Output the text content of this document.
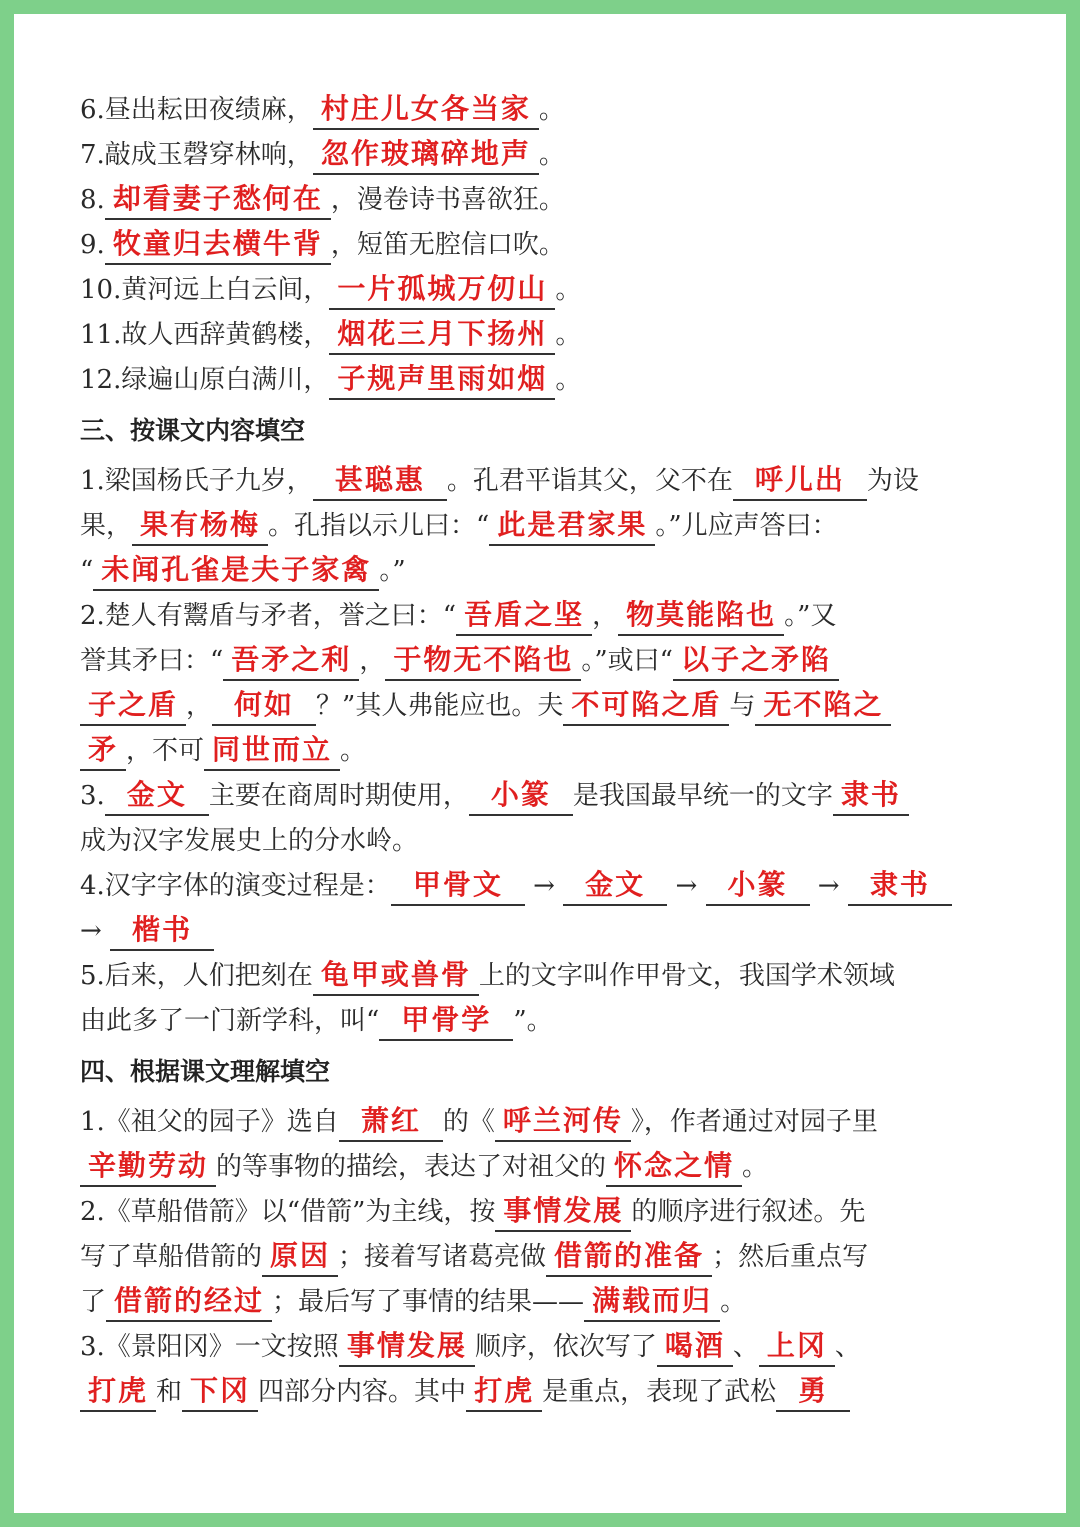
6.昼出耘田夜绩麻， 村庄儿女各当家 。
7.敲成玉磬穿林响， 忽作玻璃碎地声 。
8. 却看妻子愁何在 ，漫卷诗书喜欲狂。
9. 牧童归去横牛背 ，短笛无腔信口吹。
10.黄河远上白云间， 一片孤城万仞山 。
11.故人西辞黄鹤楼， 烟花三月下扬州 。
12.绿遍山原白满川， 子规声里雨如烟 。
三、按课文内容填空
1.梁国杨氏子九岁， 甚聪惠 。孔君平诣其父，父不在 呼儿出 为设
果， 果有杨梅 。孔指以示儿曰：“ 此是君家果 。”儿应声答曰：
“ 未闻孔雀是夫子家禽 。”
2.楚人有鬻盾与矛者，誉之曰：“ 吾盾之坚 ， 物莫能陷也 。”又
誉其矛曰：“ 吾矛之利 ， 于物无不陷也 。”或曰“ 以子之矛陷
子之盾 ， 何如 ？”其人弗能应也。夫 不可陷之盾 与 无不陷之
矛 ，不可 同世而立 。
3. 金文 主要在商周时期使用， 小篆 是我国最早统一的文字 隶书
成为汉字发展史上的分水岭。
4.汉字字体的演变过程是： 甲骨文 → 金文 → 小篆 → 隶书
→ 楷书
5.后来，人们把刻在 龟甲或兽骨 上的文字叫作甲骨文，我国学术领域
由此多了一门新学科，叫“ 甲骨学 ”。
四、根据课文理解填空
1.《祖父的园子》选自 萧红 的《 呼兰河传 》，作者通过对园子里
辛勤劳动 的等事物的描绘，表达了对祖父的 怀念之情 。
2.《草船借箭》以“借箭”为主线，按 事情发展 的顺序进行叙述。先
写了草船借箭的 原因 ；接着写诸葛亮做 借箭的准备 ；然后重点写
了 借箭的经过 ；最后写了事情的结果—— 满载而归 。
3.《景阳冈》一文按照 事情发展 顺序，依次写了 喝酒 、 上冈 、
打虎 和 下冈 四部分内容。其中 打虎 是重点，表现了武松 勇
